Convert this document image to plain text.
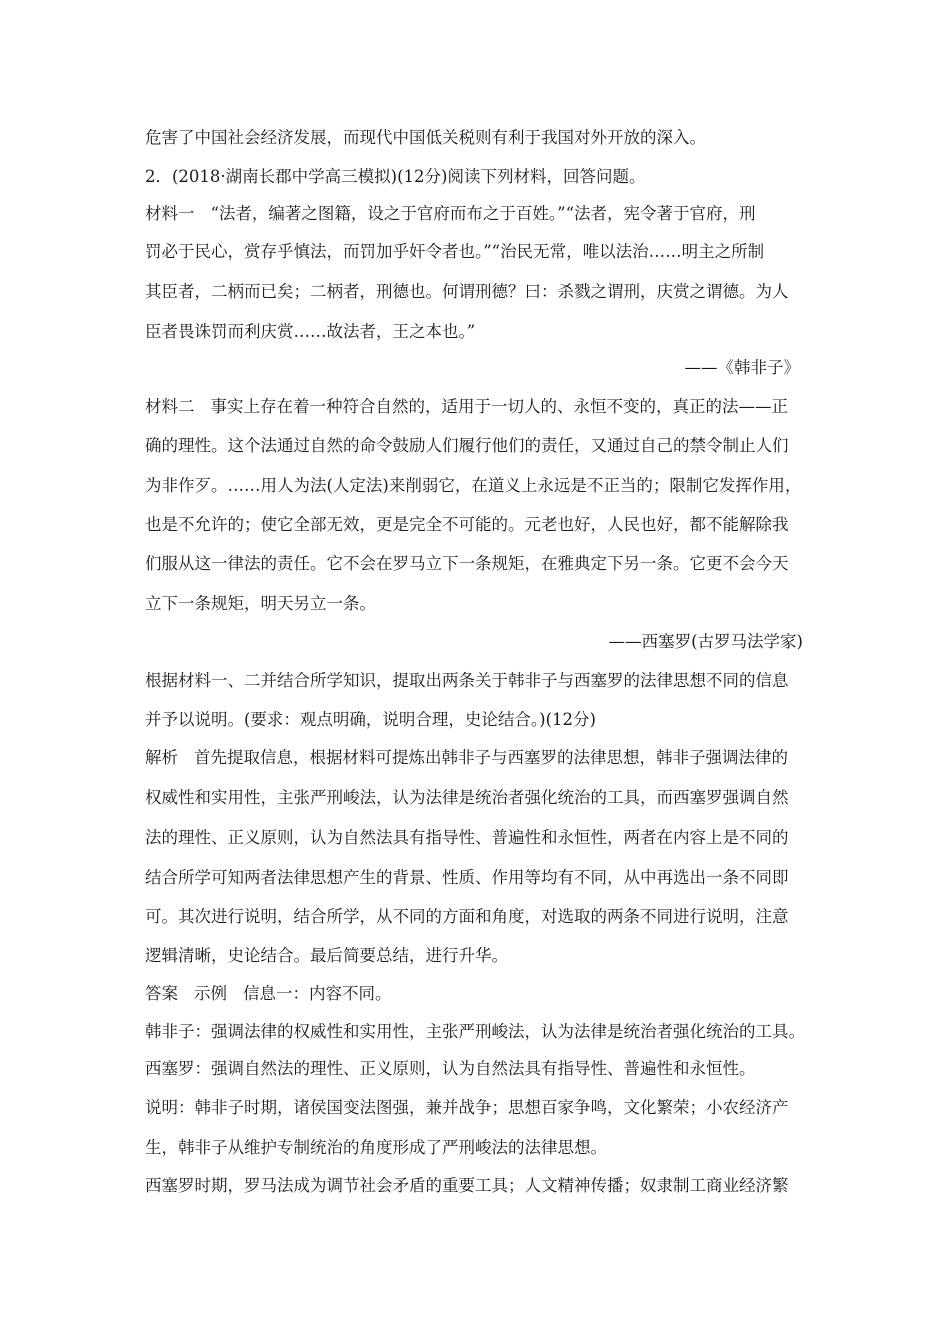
危害了中国社会经济发展，而现代中国低关税则有利于我国对外开放的深入。
2．(2018·湖南长郡中学高三模拟)(12分)阅读下列材料，回答问题。
材料一 “法者，编著之图籍，设之于官府而布之于百姓。”“法者，宪令著于官府，刑
罚必于民心，赏存乎慎法，而罚加乎奸令者也。”“治民无常，唯以法治……明主之所制
其臣者，二柄而已矣；二柄者，刑德也。何谓刑德？曰：杀戮之谓刑，庆赏之谓德。为人
臣者畏诛罚而利庆赏……故法者，王之本也。”
——《韩非子》
材料二 事实上存在着一种符合自然的，适用于一切人的、永恒不变的，真正的法——正
确的理性。这个法通过自然的命令鼓励人们履行他们的责任，又通过自己的禁令制止人们
为非作歹。……用人为法(人定法)来削弱它，在道义上永远是不正当的；限制它发挥作用，
也是不允许的；使它全部无效，更是完全不可能的。元老也好，人民也好，都不能解除我
们服从这一律法的责任。它不会在罗马立下一条规矩，在雅典定下另一条。它更不会今天
立下一条规矩，明天另立一条。
——西塞罗(古罗马法学家)
根据材料一、二并结合所学知识，提取出两条关于韩非子与西塞罗的法律思想不同的信息
并予以说明。(要求：观点明确，说明合理，史论结合。)(12分)
解析 首先提取信息，根据材料可提炼出韩非子与西塞罗的法律思想，韩非子强调法律的
权威性和实用性，主张严刑峻法，认为法律是统治者强化统治的工具，而西塞罗强调自然
法的理性、正义原则，认为自然法具有指导性、普遍性和永恒性，两者在内容上是不同的
结合所学可知两者法律思想产生的背景、性质、作用等均有不同，从中再选出一条不同即
可。其次进行说明，结合所学，从不同的方面和角度，对选取的两条不同进行说明，注意
逻辑清晰，史论结合。最后简要总结，进行升华。
答案 示例 信息一：内容不同。
韩非子：强调法律的权威性和实用性，主张严刑峻法，认为法律是统治者强化统治的工具。
西塞罗：强调自然法的理性、正义原则，认为自然法具有指导性、普遍性和永恒性。
说明：韩非子时期，诸侯国变法图强，兼并战争；思想百家争鸣，文化繁荣；小农经济产
生，韩非子从维护专制统治的角度形成了严刑峻法的法律思想。
西塞罗时期，罗马法成为调节社会矛盾的重要工具；人文精神传播；奴隶制工商业经济繁
